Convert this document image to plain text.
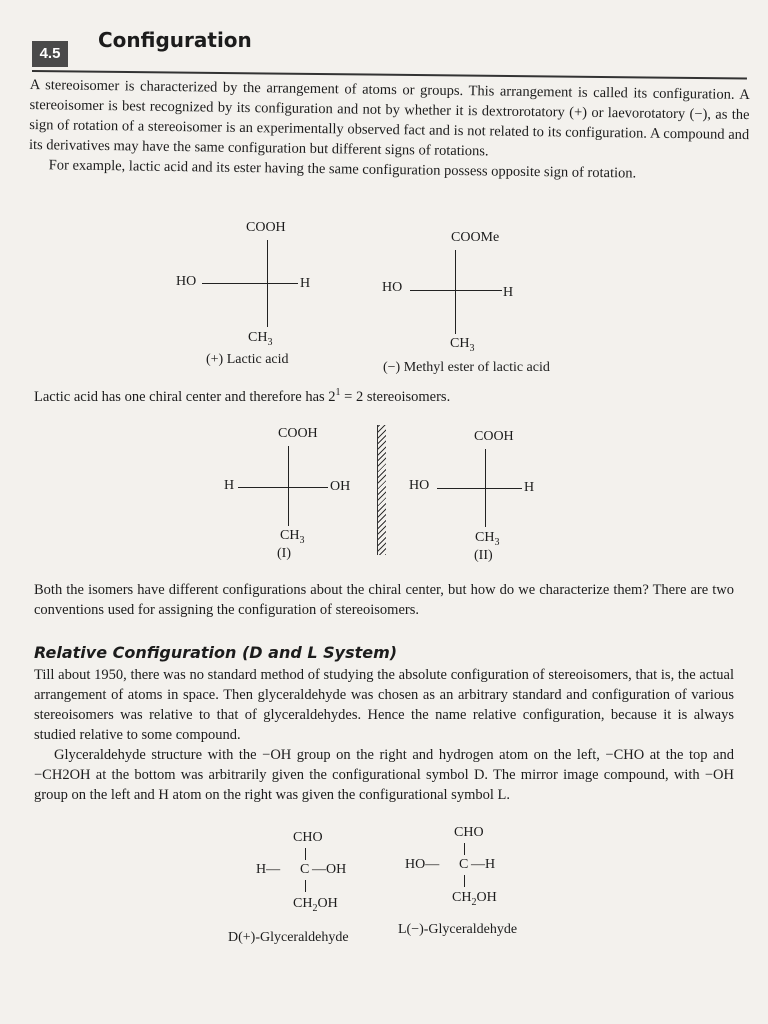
4.5
Configuration

A stereoisomer is characterized by the arrangement of atoms or groups. This arrangement is called its configuration. A stereoisomer is best recognized by its configuration and not by whether it is dextrorotatory (+) or laevorotatory (−), as the sign of rotation of a stereoisomer is an experimentally observed fact and is not related to its configuration. A compound and its derivatives may have the same configuration but different signs of rotations.

For example, lactic acid and its ester having the same configuration possess opposite sign of rotation.

COOH
HO	H
$CH_3$
(+) Lactic acid
COOMe
HO	H
$CH_3$
(−) Methyl ester of lactic acid
Lactic acid has one chiral center and therefore has $2^1 = 2$ stereoisomers.
COOH
H	OH
$CH_3$
(I)
COOH
HO	H
$CH_3$
(II)

Both the isomers have different configurations about the chiral center, but how do we characterize them? There are two conventions used for assigning the configuration of stereoisomers.

Relative Configuration (D and L System)

Till about 1950, there was no standard method of studying the absolute configuration of stereoisomers, that is, the actual arrangement of atoms in space. Then glyceraldehyde was chosen as an arbitrary standard and configuration of various stereoisomers was relative to that of glyceraldehydes. Hence the name relative configuration, because it is always studied relative to some compound.

Glyceraldehyde structure with the −OH group on the right and hydrogen atom on the left, −CHO at the top and −CH2OH at the bottom was arbitrarily given the configurational symbol D. The mirror image compound, with −OH group on the left and H atom on the right was given the configurational symbol L.

CHO
H— C —OH
$CH_2OH$
D(+)-Glyceraldehyde
CHO
HO— C —H
$CH_2OH$
L(−)-Glyceraldehyde
